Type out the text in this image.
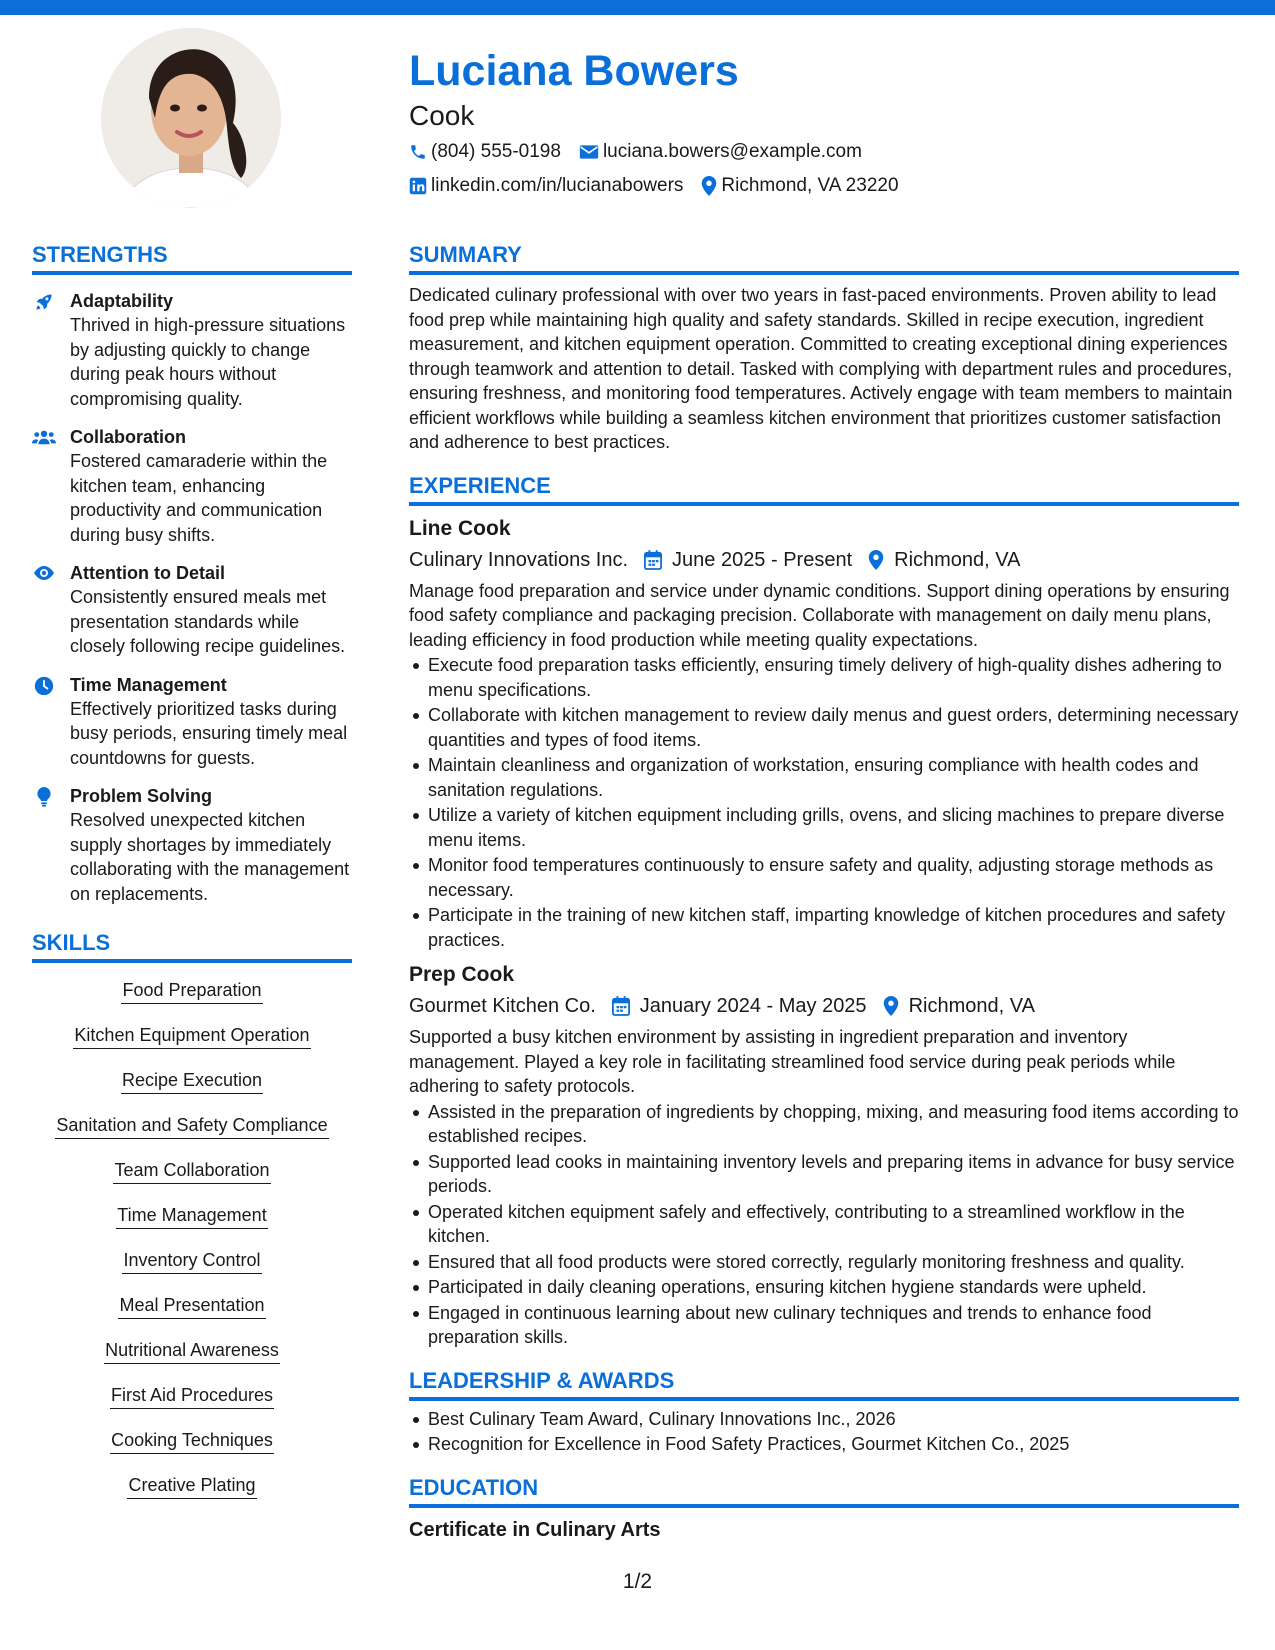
Luciana Bowers
Cook
(804) 555-0198 luciana.bowers@example.com
linkedin.com/in/lucianabowers Richmond, VA 23220
STRENGTHS
Adaptability
Thrived in high-pressure situations by adjusting quickly to change during peak hours without compromising quality.
Collaboration
Fostered camaraderie within the kitchen team, enhancing productivity and communication during busy shifts.
Attention to Detail
Consistently ensured meals met presentation standards while closely following recipe guidelines.
Time Management
Effectively prioritized tasks during busy periods, ensuring timely meal countdowns for guests.
Problem Solving
Resolved unexpected kitchen supply shortages by immediately collaborating with the management on replacements.
SKILLS
Food Preparation
Kitchen Equipment Operation
Recipe Execution
Sanitation and Safety Compliance
Team Collaboration
Time Management
Inventory Control
Meal Presentation
Nutritional Awareness
First Aid Procedures
Cooking Techniques
Creative Plating
SUMMARY
Dedicated culinary professional with over two years in fast-paced environments. Proven ability to lead food prep while maintaining high quality and safety standards. Skilled in recipe execution, ingredient measurement, and kitchen equipment operation. Committed to creating exceptional dining experiences through teamwork and attention to detail. Tasked with complying with department rules and procedures, ensuring freshness, and monitoring food temperatures. Actively engage with team members to maintain efficient workflows while building a seamless kitchen environment that prioritizes customer satisfaction and adherence to best practices.
EXPERIENCE
Line Cook
Culinary Innovations Inc. June 2025 - Present Richmond, VA
Manage food preparation and service under dynamic conditions. Support dining operations by ensuring food safety compliance and packaging precision. Collaborate with management on daily menu plans, leading efficiency in food production while meeting quality expectations.
Execute food preparation tasks efficiently, ensuring timely delivery of high-quality dishes adhering to menu specifications.
Collaborate with kitchen management to review daily menus and guest orders, determining necessary quantities and types of food items.
Maintain cleanliness and organization of workstation, ensuring compliance with health codes and sanitation regulations.
Utilize a variety of kitchen equipment including grills, ovens, and slicing machines to prepare diverse menu items.
Monitor food temperatures continuously to ensure safety and quality, adjusting storage methods as necessary.
Participate in the training of new kitchen staff, imparting knowledge of kitchen procedures and safety practices.
Prep Cook
Gourmet Kitchen Co. January 2024 - May 2025 Richmond, VA
Supported a busy kitchen environment by assisting in ingredient preparation and inventory management. Played a key role in facilitating streamlined food service during peak periods while adhering to safety protocols.
Assisted in the preparation of ingredients by chopping, mixing, and measuring food items according to established recipes.
Supported lead cooks in maintaining inventory levels and preparing items in advance for busy service periods.
Operated kitchen equipment safely and effectively, contributing to a streamlined workflow in the kitchen.
Ensured that all food products were stored correctly, regularly monitoring freshness and quality.
Participated in daily cleaning operations, ensuring kitchen hygiene standards were upheld.
Engaged in continuous learning about new culinary techniques and trends to enhance food preparation skills.
LEADERSHIP & AWARDS
Best Culinary Team Award, Culinary Innovations Inc., 2026
Recognition for Excellence in Food Safety Practices, Gourmet Kitchen Co., 2025
EDUCATION
Certificate in Culinary Arts
1/2
